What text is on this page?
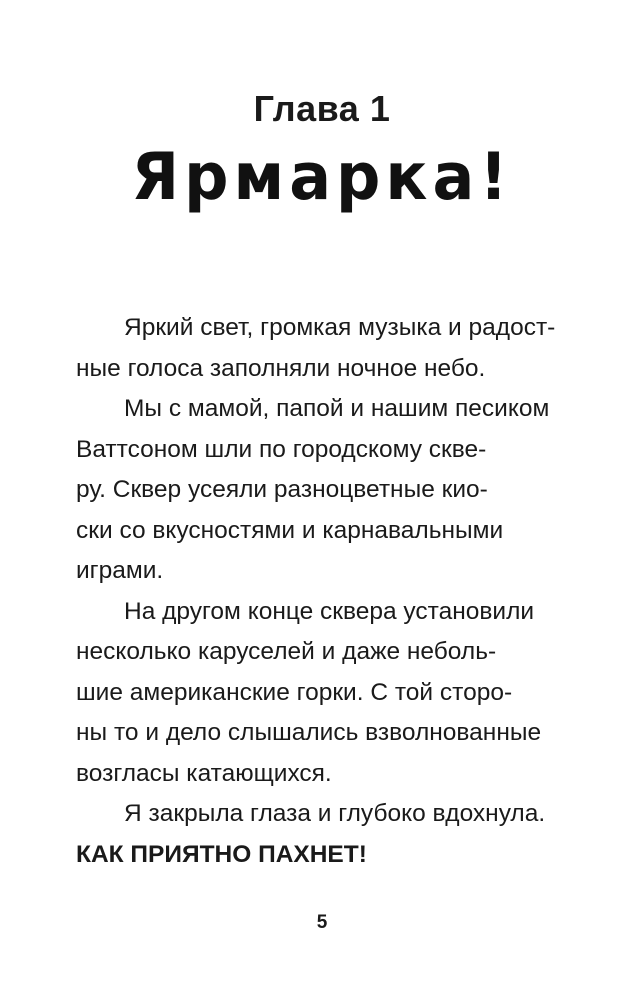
Глава 1
Ярмарка!
Яркий свет, громкая музыка и радост-
ные голоса заполняли ночное небо.
Мы с мамой, папой и нашим песиком
Ваттсоном шли по городскому скве-
ру. Сквер усеяли разноцветные кио-
ски со вкусностями и карнавальными
играми.
На другом конце сквера установили
несколько каруселей и даже неболь-
шие американские горки. С той сторо-
ны то и дело слышались взволнованные
возгласы катающихся.
Я закрыла глаза и глубоко вдохнула.
КАК ПРИЯТНО ПАХНЕТ!
5
